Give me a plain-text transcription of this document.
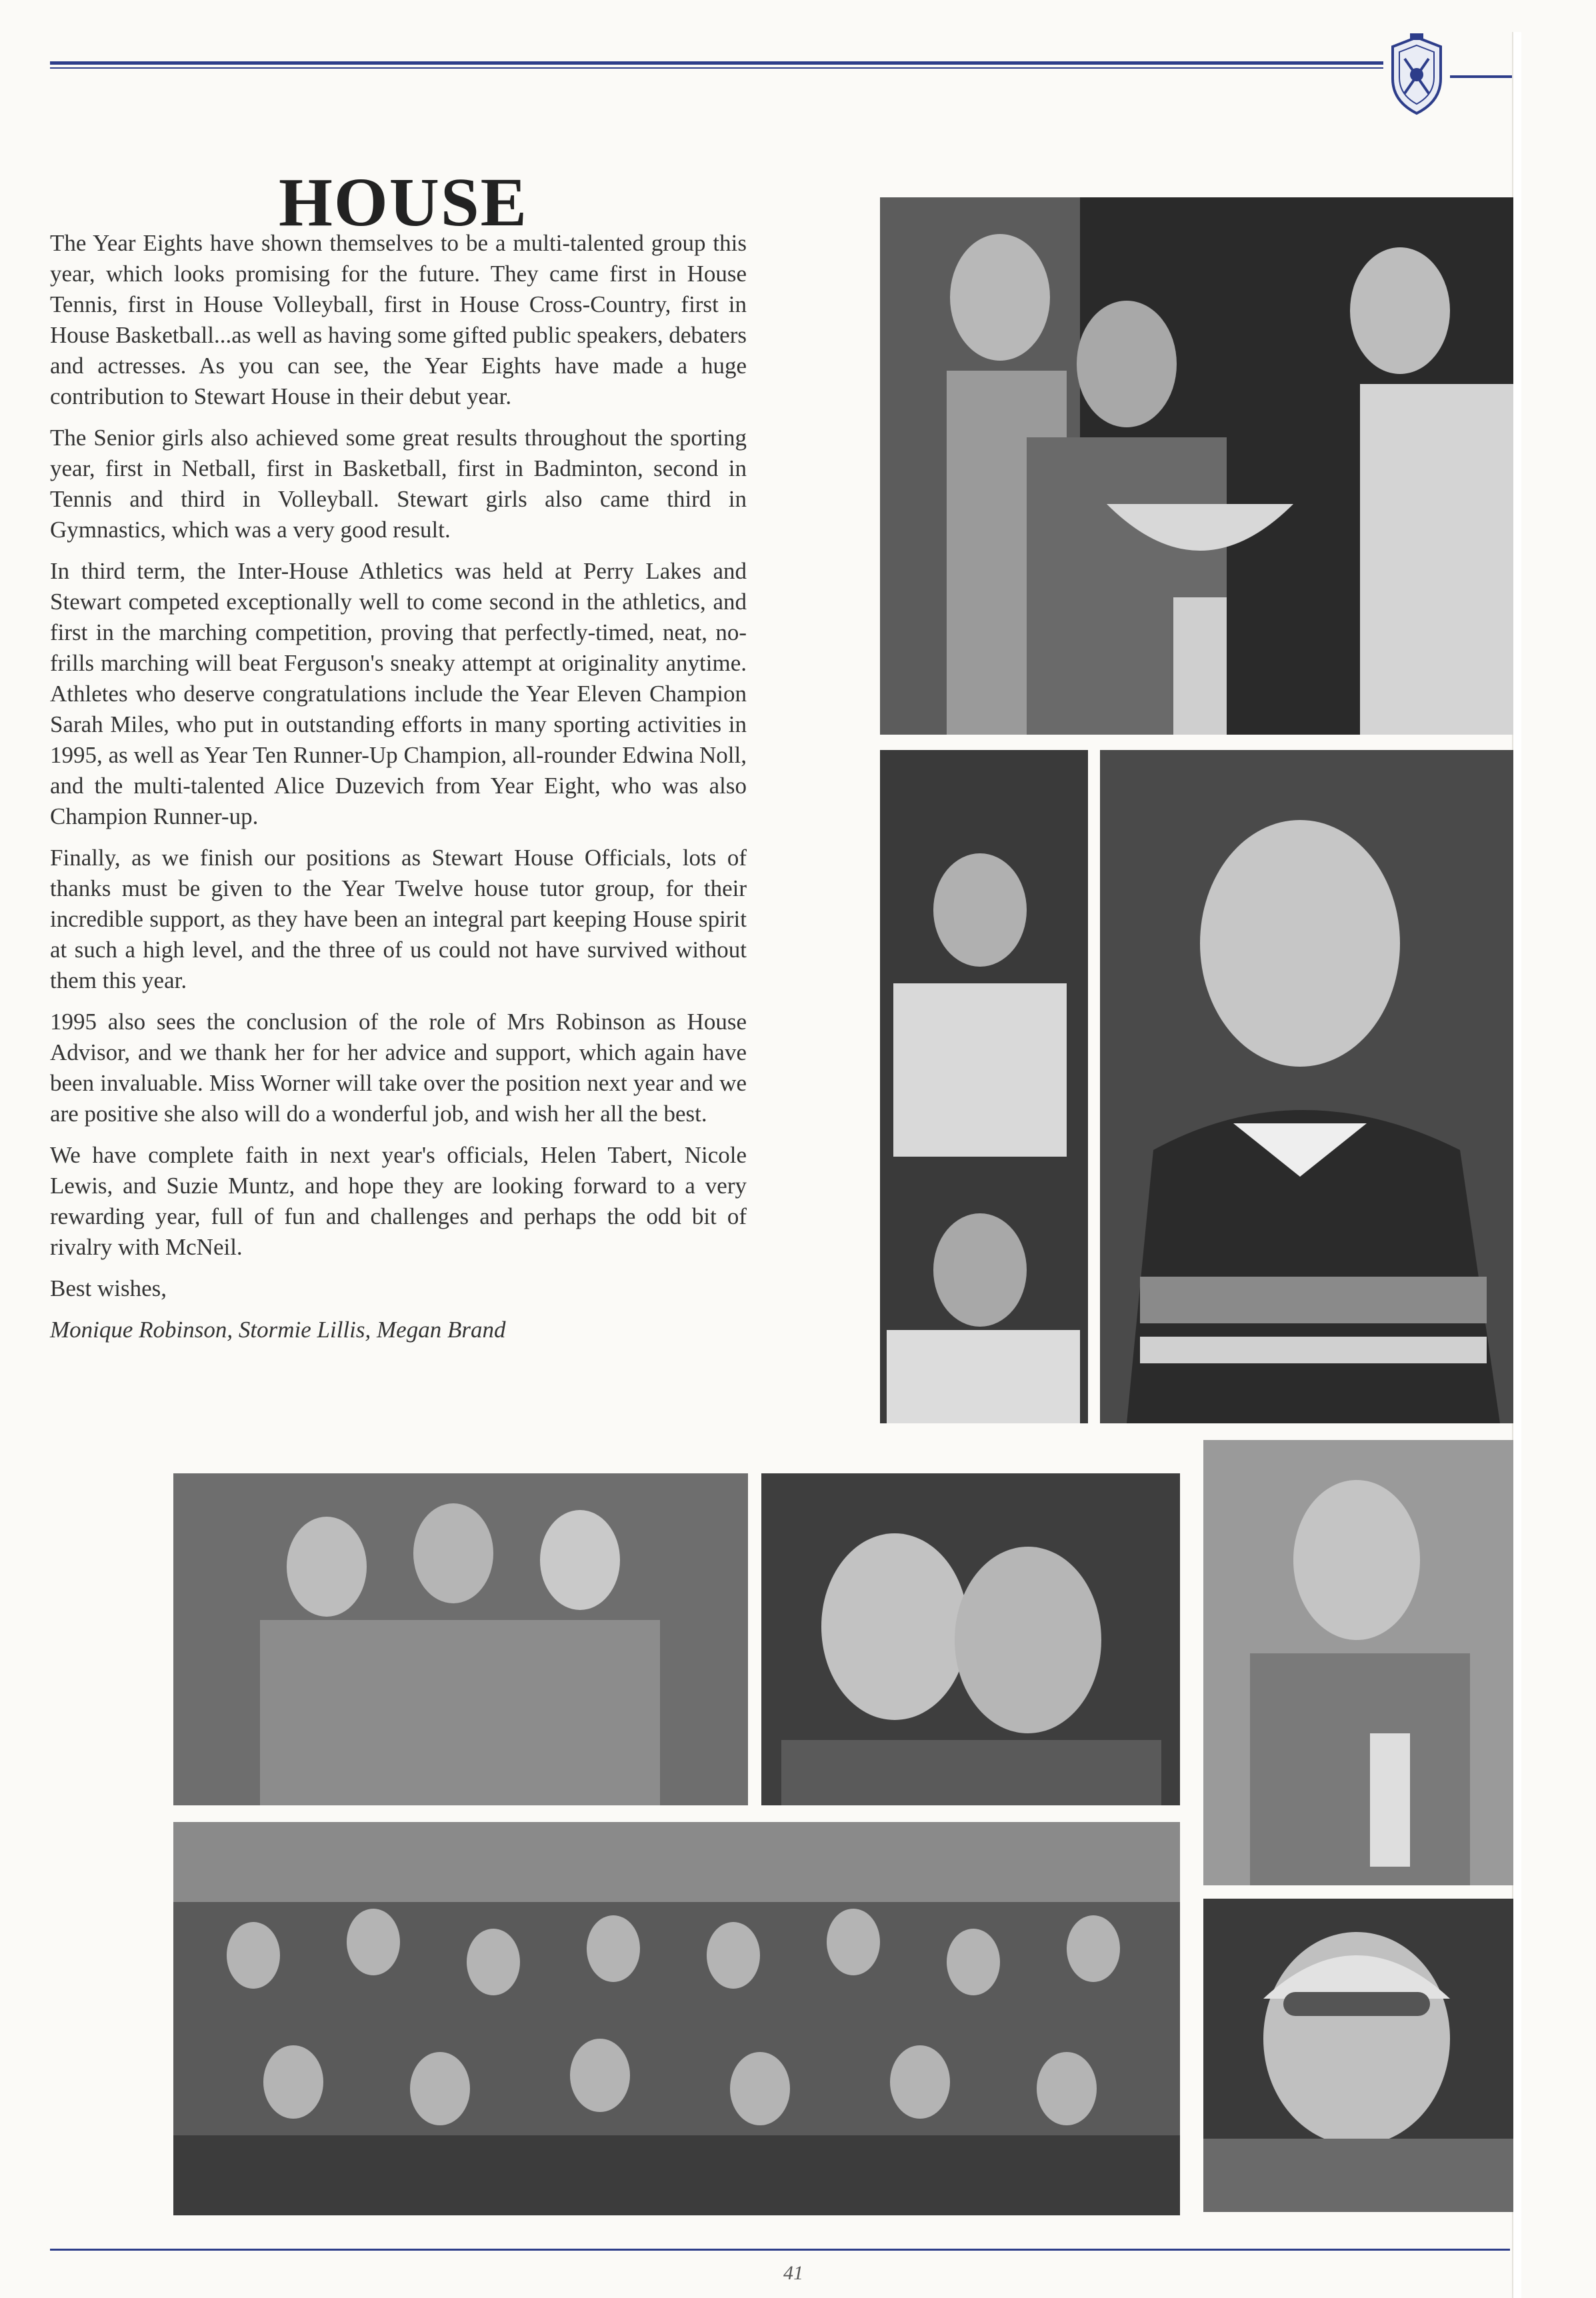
HOUSE

The Year Eights have shown themselves to be a multi-talented group this year, which looks promising for the future. They came first in House Tennis, first in House Volleyball, first in House Cross-Country, first in House Basketball...as well as having some gifted public speakers, debaters and actresses. As you can see, the Year Eights have made a huge contribution to Stewart House in their debut year.

The Senior girls also achieved some great results throughout the sporting year, first in Netball, first in Basketball, first in Badminton, second in Tennis and third in Volleyball. Stewart girls also came third in Gymnastics, which was a very good result.

In third term, the Inter-House Athletics was held at Perry Lakes and Stewart competed exceptionally well to come second in the athletics, and first in the marching competition, proving that perfectly-timed, neat, no-frills marching will beat Ferguson's sneaky attempt at originality anytime. Athletes who deserve congratulations include the Year Eleven Champion Sarah Miles, who put in outstanding efforts in many sporting activities in 1995, as well as Year Ten Runner-Up Champion, all-rounder Edwina Noll, and the multi-talented Alice Duzevich from Year Eight, who was also Champion Runner-up.

Finally, as we finish our positions as Stewart House Officials, lots of thanks must be given to the Year Twelve house tutor group, for their incredible support, as they have been an integral part keeping House spirit at such a high level, and the three of us could not have survived without them this year.

1995 also sees the conclusion of the role of Mrs Robinson as House Advisor, and we thank her for her advice and support, which again have been invaluable. Miss Worner will take over the position next year and we are positive she also will do a wonderful job, and wish her all the best.

We have complete faith in next year's officials, Helen Tabert, Nicole Lewis, and Suzie Muntz, and hope they are looking forward to a very rewarding year, full of fun and challenges and perhaps the odd bit of rivalry with McNeil.

Best wishes,

Monique Robinson, Stormie Lillis, Megan Brand

41
